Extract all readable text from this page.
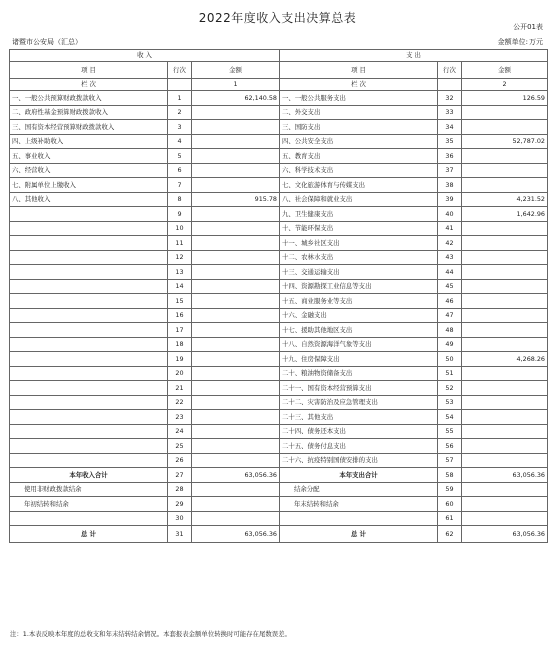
2022年度收入支出决算总表
公开01表
诸暨市公安局（汇总）	金额单位 : 万元
收 入			支 出		
项 目	行次	金额	项 目	行次	金额
栏 次		1	栏 次		2
一、一般公共预算财政拨款收入	1	62,140.58	一、一般公共服务支出	32	126.59
二、政府性基金预算财政拨款收入	2		二、外交支出	33	
三、国有资本经营预算财政拨款收入	3		三、国防支出	34	
四、上级补助收入	4		四、公共安全支出	35	52,787.02
五、事业收入	5		五、教育支出	36	
六、经营收入	6		六、科学技术支出	37	
七、附属单位上缴收入	7		七、文化旅游体育与传媒支出	38	
八、其他收入	8	915.78	八、社会保障和就业支出	39	4,231.52
	9		九、卫生健康支出	40	1,642.96
	10		十、节能环保支出	41	
	11		十一、城乡社区支出	42	
	12		十二、农林水支出	43	
	13		十三、交通运输支出	44	
	14		十四、资源勘探工业信息等支出	45	
	15		十五、商业服务业等支出	46	
	16		十六、金融支出	47	
	17		十七、援助其他地区支出	48	
	18		十八、自然资源海洋气象等支出	49	
	19		十九、住房保障支出	50	4,268.26
	20		二十、粮油物资储备支出	51	
	21		二十一、国有资本经营预算支出	52	
	22		二十二、灾害防治及应急管理支出	53	
	23		二十三、其他支出	54	
	24		二十四、债务还本支出	55	
	25		二十五、债务付息支出	56	
	26		二十六、抗疫特别国债安排的支出	57	
本年收入合计	27	63,056.36	本年支出合计	58	63,056.36
使用非财政拨款结余	28		结余分配	59	
年初结转和结余	29		年末结转和结余	60	
	30			61	
总 计	31	63,056.36	总 计	62	63,056.36
注：1.本表反映本年度的总收支和年末结转结余情况。本套报表金额单位转换时可能存在尾数误差。
